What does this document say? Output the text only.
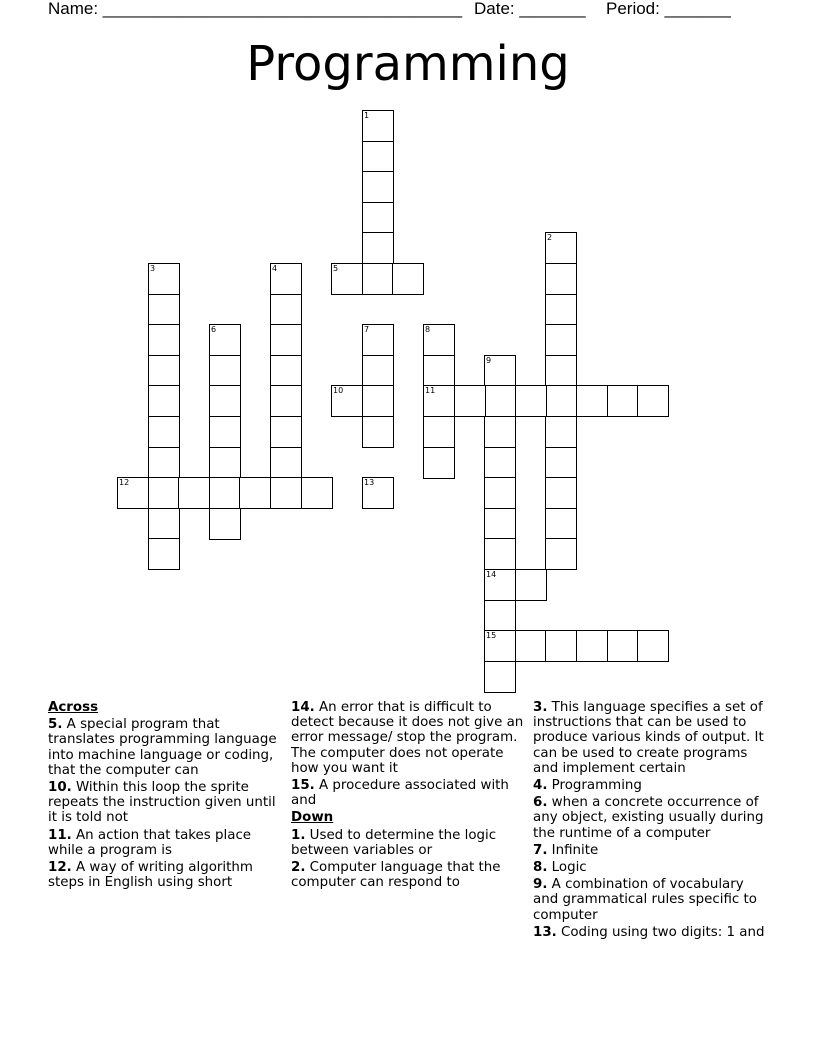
Name: ______________________________________ Date: _______ Period: _______
Programming
1
5
2
3	4
6	7
10
8
11
9
14
15
12	13
Across
5. A special program that translates programming language into machine language or coding, that the computer can
10. Within this loop the sprite repeats the instruction given until it is told not
11. An action that takes place while a program is
12. A way of writing algorithm steps in English using short
14. An error that is difficult to detect because it does not give an error message/ stop the program. The computer does not operate how you want it
15. A procedure associated with and
Down
1. Used to determine the logic between variables or
2. Computer language that the computer can respond to
3. This language specifies a set of instructions that can be used to produce various kinds of output. It can be used to create programs and implement certain
4. Programming
6. when a concrete occurrence of any object, existing usually during the runtime of a computer
7. Infinite
8. Logic
9. A combination of vocabulary and grammatical rules specific to computer
13. Coding using two digits: 1 and
